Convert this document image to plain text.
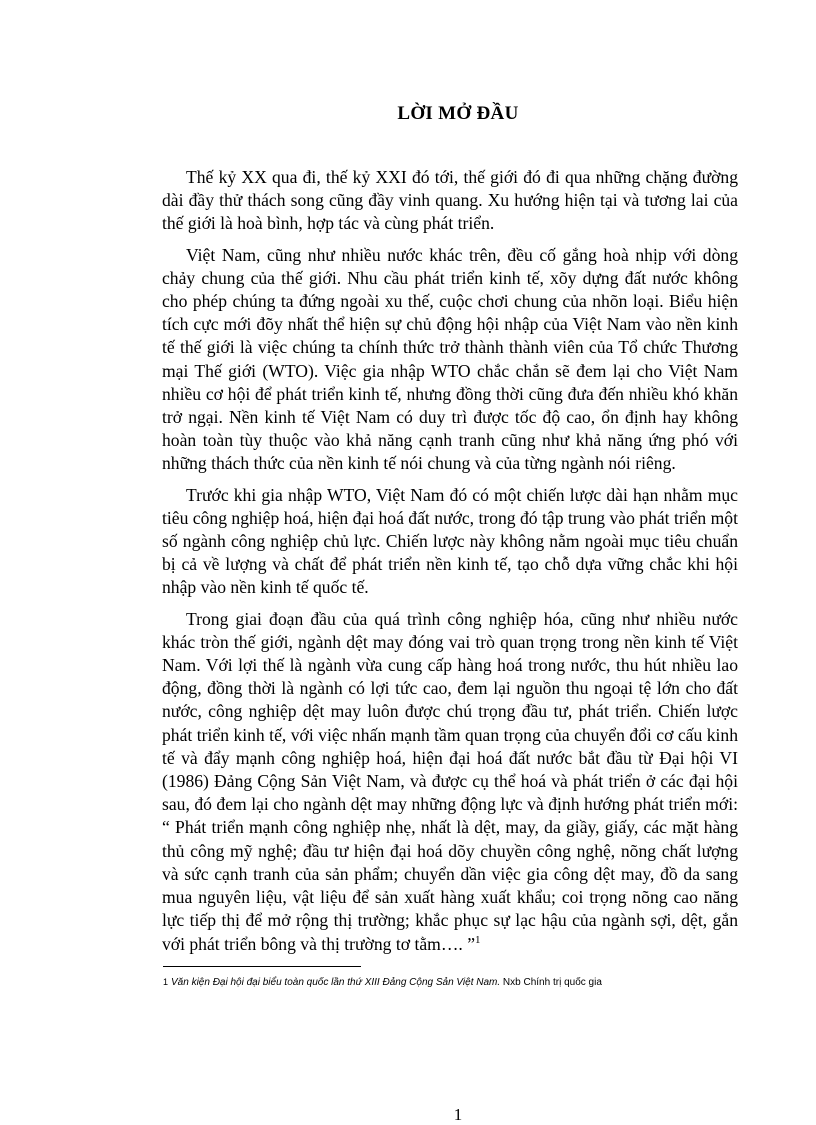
LỜI MỞ ĐẦU

Thế kỷ XX qua đi, thế kỷ XXI đó tới, thế giới đó đi qua những chặng đường dài đầy thử thách song cũng đầy vinh quang. Xu hướng hiện tại và tương lai của thế giới là hoà bình, hợp tác và cùng phát triển.

Việt Nam, cũng như nhiều nước khác trên, đều cố gắng hoà nhịp với dòng chảy chung của thế giới. Nhu cầu phát triển kinh tế, xõy dựng đất nước không cho phép chúng ta đứng ngoài xu thế, cuộc chơi chung của nhõn loại. Biểu hiện tích cực mới đõy nhất thể hiện sự chủ động hội nhập của Việt Nam vào nền kinh tế thế giới là việc chúng ta chính thức trở thành thành viên của Tổ chức Thương mại Thế giới (WTO). Việc gia nhập WTO chắc chắn sẽ đem lại cho Việt Nam nhiều cơ hội để phát triển kinh tế, nhưng đồng thời cũng đưa đến nhiều khó khăn trở ngại. Nền kinh tế Việt Nam có duy trì được tốc độ cao, ổn định hay không hoàn toàn tùy thuộc vào khả năng cạnh tranh cũng như khả năng ứng phó với những thách thức của nền kinh tế nói chung và của từng ngành nói riêng.

Trước khi gia nhập WTO, Việt Nam đó có một chiến lược dài hạn nhằm mục tiêu công nghiệp hoá, hiện đại hoá đất nước, trong đó tập trung vào phát triển một số ngành công nghiệp chủ lực. Chiến lược này không nằm ngoài mục tiêu chuẩn bị cả về lượng và chất để phát triển nền kinh tế, tạo chỗ dựa vững chắc khi hội nhập vào nền kinh tế quốc tế.

Trong giai đoạn đầu của quá trình công nghiệp hóa, cũng như nhiều nước khác tròn thế giới, ngành dệt may đóng vai trò quan trọng trong nền kinh tế Việt Nam. Với lợi thế là ngành vừa cung cấp hàng hoá trong nước, thu hút nhiều lao động, đồng thời là ngành có lợi tức cao, đem lại nguồn thu ngoại tệ lớn cho đất nước, công nghiệp dệt may luôn được chú trọng đầu tư, phát triển. Chiến lược phát triển kinh tế, với việc nhấn mạnh tầm quan trọng của chuyển đổi cơ cấu kinh tế và đẩy mạnh công nghiệp hoá, hiện đại hoá đất nước bắt đầu từ Đại hội VI (1986) Đảng Cộng Sản Việt Nam, và được cụ thể hoá và phát triển ở các đại hội sau, đó đem lại cho ngành dệt may những động lực và định hướng phát triển mới: “ Phát triển mạnh công nghiệp nhẹ, nhất là dệt, may, da giầy, giấy, các mặt hàng thủ công mỹ nghệ; đầu tư hiện đại hoá dõy chuyền công nghệ, nõng chất lượng và sức cạnh tranh của sản phẩm; chuyển dần việc gia công dệt may, đồ da sang mua nguyên liệu, vật liệu để sản xuất hàng xuất khẩu; coi trọng nõng cao năng lực tiếp thị để mở rộng thị trường; khắc phục sự lạc hậu của ngành sợi, dệt, gắn với phát triển bông và thị trường tơ tằm…. ”$^1$

1 Văn kiện Đại hội đại biểu toàn quốc lần thứ XIII Đảng Cộng Sản Việt Nam. Nxb Chính trị quốc gia
1
